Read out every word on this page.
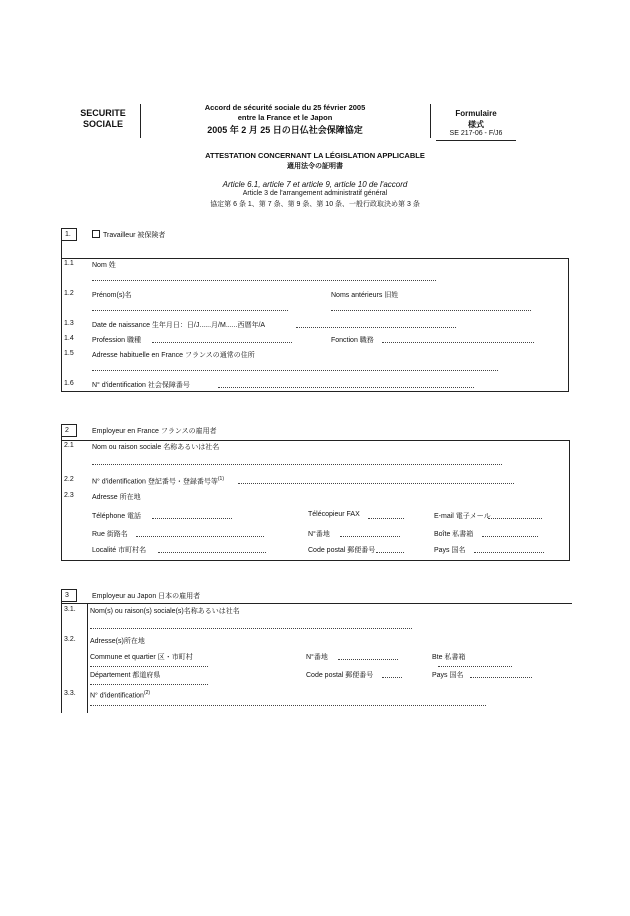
SECURITE
SOCIALE
Accord de sécurité sociale du 25 février 2005
entre la France et le Japon
2005 年 2 月 25 日の日仏社会保障協定
Formulaire
様式
SE 217-06 - F/J6
ATTESTATION CONCERNANT LA LÉGISLATION APPLICABLE
適用法令の証明書
Article 6.1, article 7 et article 9, article 10 de l'accord
Article 3 de l'arrangement administratif général
協定第 6 条 1、第 7 条、第 9 条、第 10 条、一般行政取決め第 3 条
1.	Travailleur 被保険者
1.1	Nom 姓
1.2	Prénom(s)名	Noms antérieurs 旧姓
1.3	Date de naissance 生年月日：日/J......月/M......西暦年/A
1.4	Profession 職種	Fonction 職務
1.5	Adresse habituelle en France フランスの通常の住所
1.6	N° d'identification 社会保障番号
2	Employeur en France フランスの雇用者
2.1	Nom ou raison sociale 名称あるいは社名
2.2	N° d'identification 登記番号・登録番号等$^{(1)}$
2.3	Adresse 所在地
Téléphone 電話	Télécopieur FAX	E-mail 電子メール
Rue 街路名	N°番地	Boîte 私書箱
Localité 市町村名	Code postal 郵便番号	Pays 国名
3	Employeur au Japon 日本の雇用者
3.1. Nom(s) ou raison(s) sociale(s)名称あるいは社名
3.2. Adresse(s)所在地
Commune et quartier 区・市町村	N°番地	Bte 私書箱
Département 都道府県	Code postal 郵便番号	Pays 国名
3.3. N° d'identification$^{(2)}$
